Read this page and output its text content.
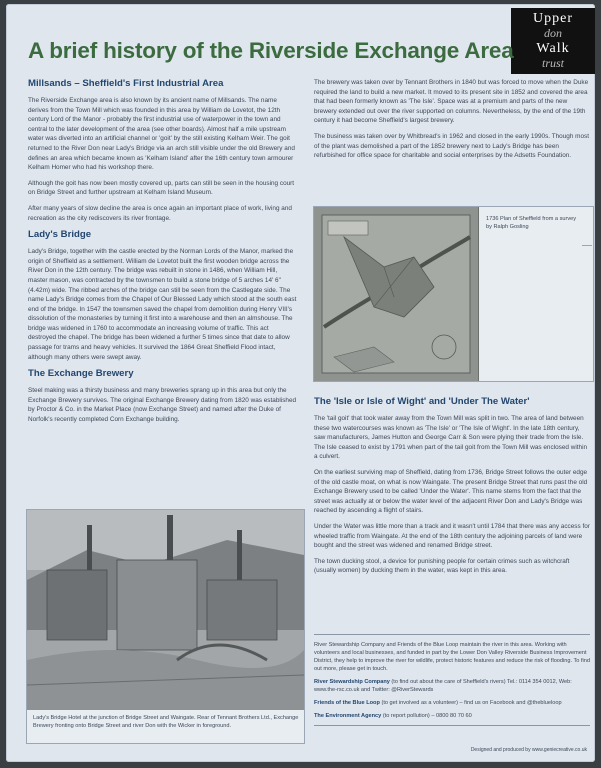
Upper
don
Walk
trust
A brief history of the Riverside Exchange Area
Millsands – Sheffield's First Industrial Area

The Riverside Exchange area is also known by its ancient name of Millsands. The name derives from the Town Mill which was founded in this area by William de Lovetot, the 12th century Lord of the Manor - probably the first industrial use of waterpower in the town and central to the later development of the area (see other boards). Almost half a mile upstream water was diverted into an artificial channel or 'goit' by the still existing Kelham Weir. The goit returned to the River Don near Lady's Bridge via an arch still visible under the old Brewery and defines an area which became known as 'Kelham Island' after the 16th century town armourer Kelham Homer who had his workshop there.

Although the goit has now been mostly covered up, parts can still be seen in the housing court on Bridge Street and further upstream at Kelham Island Museum.

After many years of slow decline the area is once again an important place of work, living and recreation as the city rediscovers its river frontage.

Lady's Bridge

Lady's Bridge, together with the castle erected by the Norman Lords of the Manor, marked the origin of Sheffield as a settlement. William de Lovetot built the first wooden bridge across the River Don in the 12th century. The bridge was rebuilt in stone in 1486, when William Hill, master mason, was contracted by the townsmen to build a stone bridge of 5 arches 14' 6" (4.42m) wide. The ribbed arches of the bridge can still be seen from the Castlegate side. The name Lady's Bridge comes from the Chapel of Our Blessed Lady which stood at the south east end of the bridge. In 1547 the townsmen saved the chapel from demolition during Henry VIII's dissolution of the monasteries by turning it first into a warehouse and then an almshouse. The bridge was widened in 1760 to accommodate an increasing volume of traffic. This act destroyed the chapel. The bridge has been widened a further 5 times since that date to allow passage for trams and heavy vehicles. It survived the 1864 Great Sheffield Flood intact, although many others were swept away.

The Exchange Brewery

Steel making was a thirsty business and many breweries sprang up in this area but only the Exchange Brewery survives. The original Exchange Brewery dating from 1820 was established by Proctor & Co. in the Market Place (now Exchange Street) and named after the Duke of Norfolk's recently completed Corn Exchange building.

The brewery was taken over by Tennant Brothers in 1840 but was forced to move when the Duke required the land to build a new market. It moved to its present site in 1852 and covered the area that had been formerly known as 'The Isle'. Space was at a premium and parts of the new brewery extended out over the river supported on columns. Nevertheless, by the end of the 19th century it had become Sheffield's largest brewery.

The business was taken over by Whitbread's in 1962 and closed in the early 1990s. Though most of the plant was demolished a part of the 1852 brewery next to Lady's Bridge has been refurbished for office space for charitable and social enterprises by the Adsetts Foundation.

1736 Plan of Sheffield from a survey by Ralph Gosling
The 'Isle or Isle of Wight' and 'Under The Water'

The 'tail goit' that took water away from the Town Mill was split in two. The area of land between these two watercourses was known as 'The Isle' or 'The Isle of Wight'. In the late 18th century, saw manufacturers, James Hutton and George Carr & Son were plying their trade from the Isle. The Isle ceased to exist by 1791 when part of the tail goit from the Town Mill was enclosed within a culvert.

On the earliest surviving map of Sheffield, dating from 1736, Bridge Street follows the outer edge of the old castle moat, on what is now Waingate. The present Bridge Street that runs past the old Exchange Brewery used to be called 'Under the Water'. This name stems from the fact that the street was actually at or below the water level of the adjacent River Don and Lady's Bridge was reached by ascending a flight of stairs.

Under the Water was little more than a track and it wasn't until 1784 that there was any access for wheeled traffic from Waingate. At the end of the 18th century the adjoining parcels of land were bought and the street was widened and renamed Bridge street.

The town ducking stool, a device for punishing people for certain crimes such as witchcraft (usually women) by ducking them in the water, was kept in this area.

Lady's Bridge Hotel at the junction of Bridge Street and Waingate. Rear of Tennant Brothers Ltd., Exchange Brewery fronting onto Bridge Street and river Don with the Wicker in foreground.

River Stewardship Company and Friends of the Blue Loop maintain the river in this area. Working with volunteers and local businesses, and funded in part by the Lower Don Valley Riverside Business Improvement District, they help to improve the river for wildlife, protect historic features and reduce the risk of flooding. To find out more, please get in touch.

River Stewardship Company (to find out about the care of Sheffield's rivers) Tel.: 0114 354 0012, Web: www.the-rsc.co.uk and Twitter: @RiverStewards

Friends of the Blue Loop (to get involved as a volunteer) – find us on Facebook and @theblueloop

The Environment Agency (to report pollution) – 0800 80 70 60

Designed and produced by www.geniecreative.co.uk
